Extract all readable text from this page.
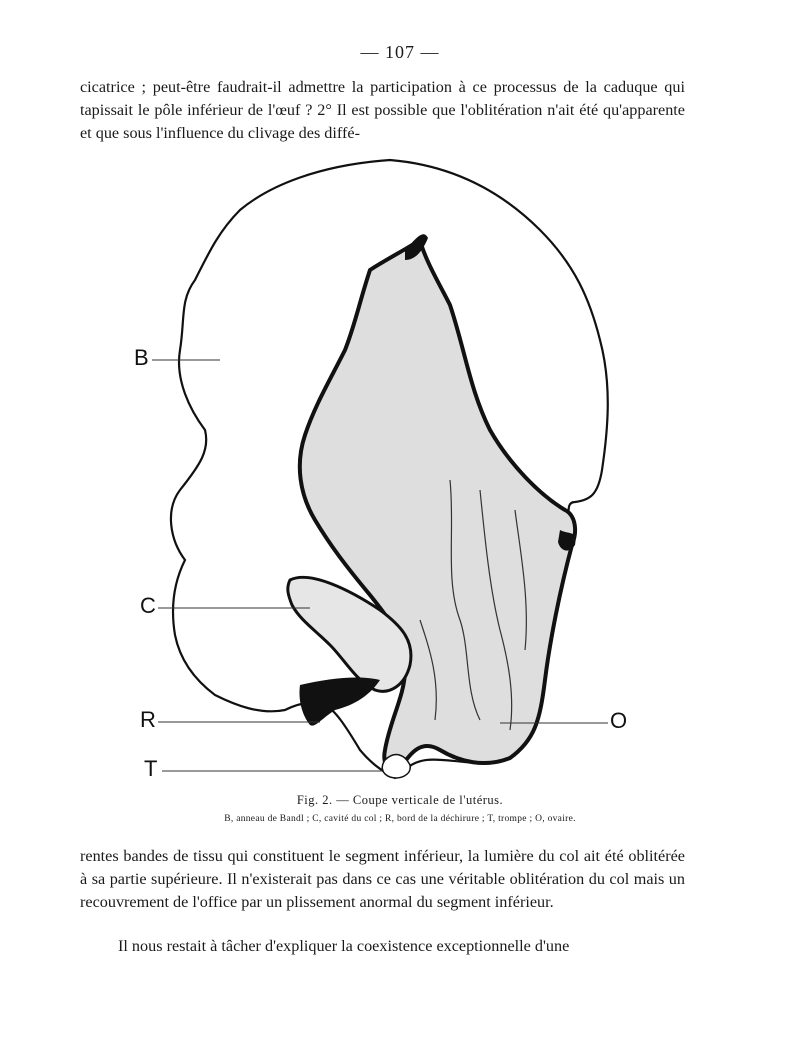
— 107 —

cicatrice ; peut-être faudrait-il admettre la participation à ce processus de la caduque qui tapissait le pôle inférieur de l'œuf ? 2° Il est possible que l'oblitération n'ait été qu'apparente et que sous l'influence du clivage des diffé-

B
C
R
T
O
Fig. 2. — Coupe verticale de l'utérus.
B, anneau de Bandl ; C, cavité du col ; R, bord de la déchirure ; T, trompe ; O, ovaire.

rentes bandes de tissu qui constituent le segment inférieur, la lumière du col ait été oblitérée à sa partie supérieure. Il n'existerait pas dans ce cas une véritable oblitération du col mais un recouvrement de l'office par un plissement anormal du segment inférieur.

Il nous restait à tâcher d'expliquer la coexistence exceptionnelle d'une
